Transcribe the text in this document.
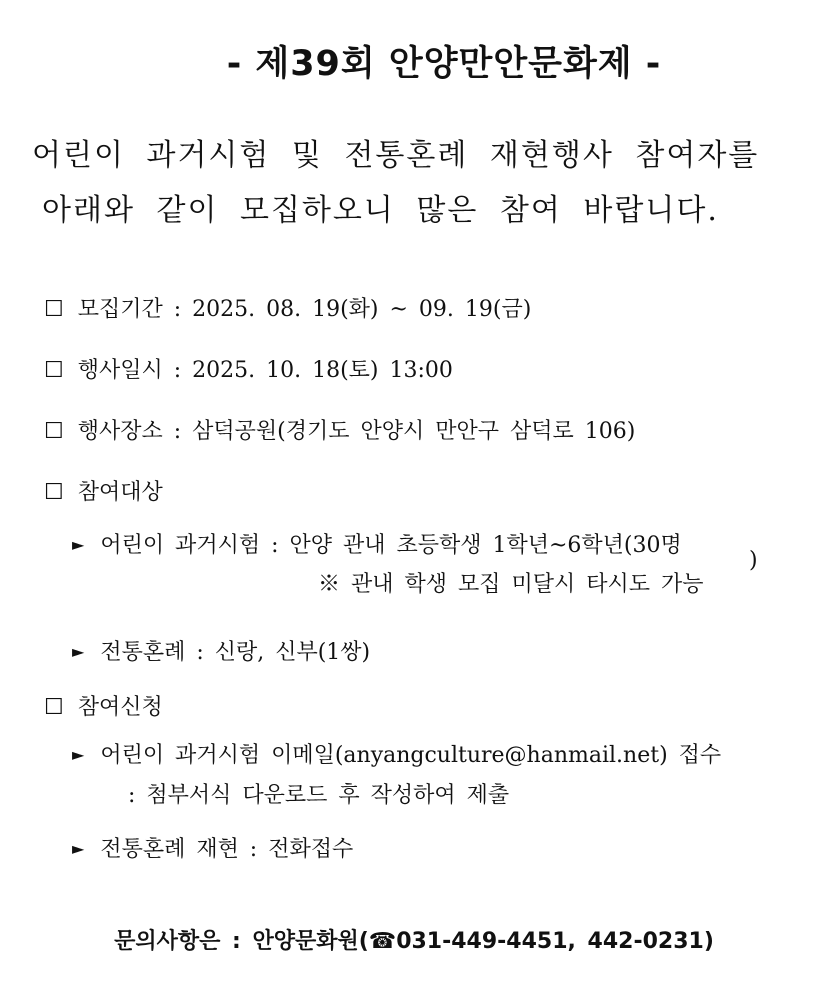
- 제39회 안양만안문화제 -
어린이 과거시험 및 전통혼례 재현행사 참여자를
아래와 같이 모집하오니 많은 참여 바랍니다.
☐ 모집기간 : 2025. 08. 19(화) ~ 09. 19(금)
☐ 행사일시 : 2025. 10. 18(토) 13:00
☐ 행사장소 : 삼덕공원(경기도 안양시 만안구 삼덕로 106)
☐ 참여대상
► 어린이 과거시험 : 안양 관내 초등학생 1학년~6학년(30명
)
※ 관내 학생 모집 미달시 타시도 가능
► 전통혼례 : 신랑, 신부(1쌍)
☐ 참여신청
► 어린이 과거시험 이메일(anyangculture@hanmail.net) 접수
: 첨부서식 다운로드 후 작성하여 제출
► 전통혼례 재현 : 전화접수
문의사항은 : 안양문화원(☎031-449-4451, 442-0231)
